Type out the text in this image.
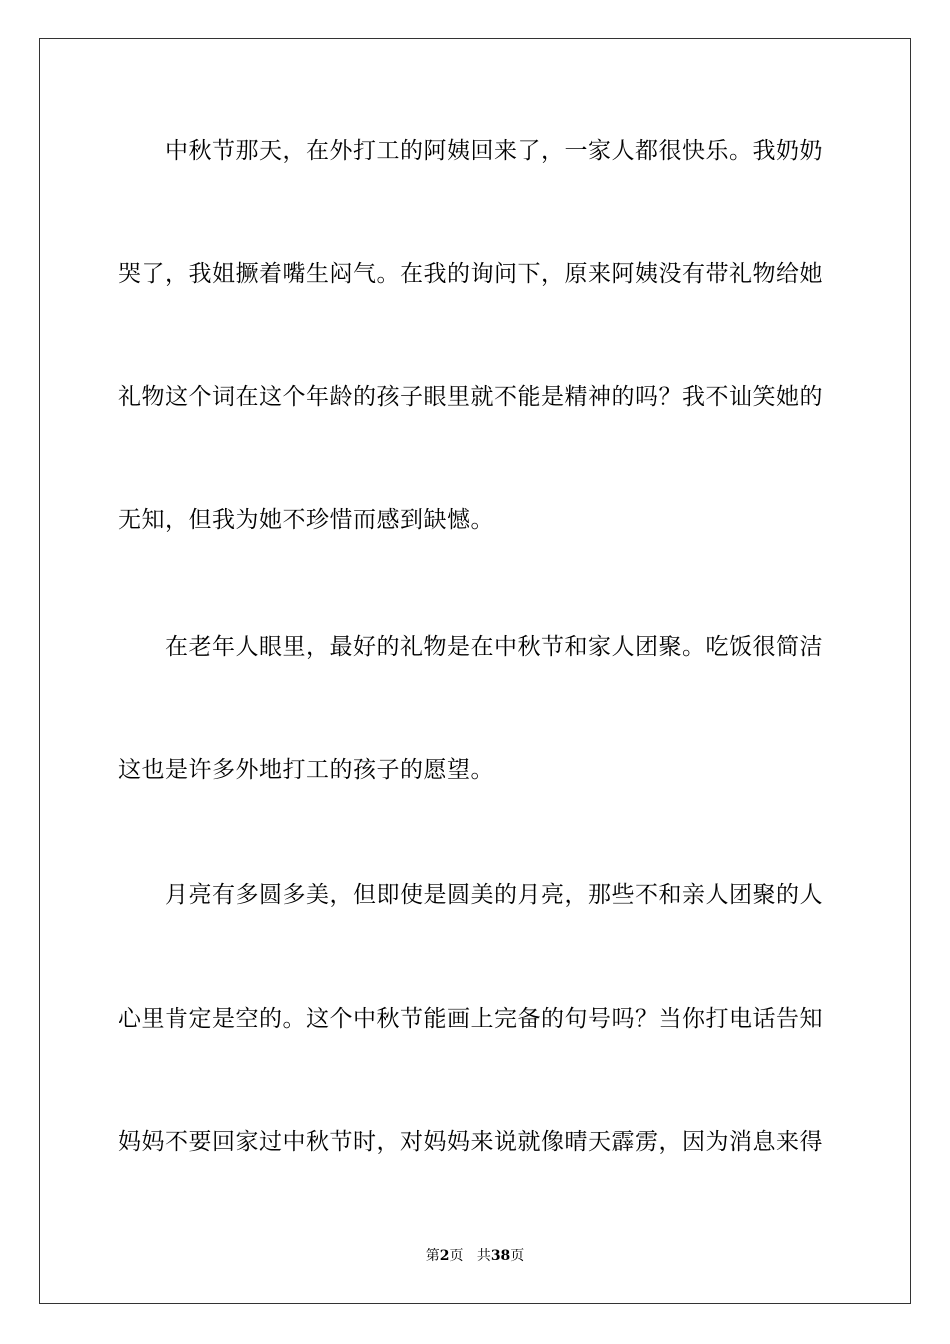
中秋节那天，在外打工的阿姨回来了，一家人都很快乐。我奶奶
哭了，我姐撅着嘴生闷气。在我的询问下，原来阿姨没有带礼物给她
礼物这个词在这个年龄的孩子眼里就不能是精神的吗？我不讪笑她的
无知，但我为她不珍惜而感到缺憾。
在老年人眼里，最好的礼物是在中秋节和家人团聚。吃饭很简洁
这也是许多外地打工的孩子的愿望。
月亮有多圆多美，但即使是圆美的月亮，那些不和亲人团聚的人
心里肯定是空的。这个中秋节能画上完备的句号吗？当你打电话告知
妈妈不要回家过中秋节时，对妈妈来说就像晴天霹雳，因为消息来得
第2页 共38页
